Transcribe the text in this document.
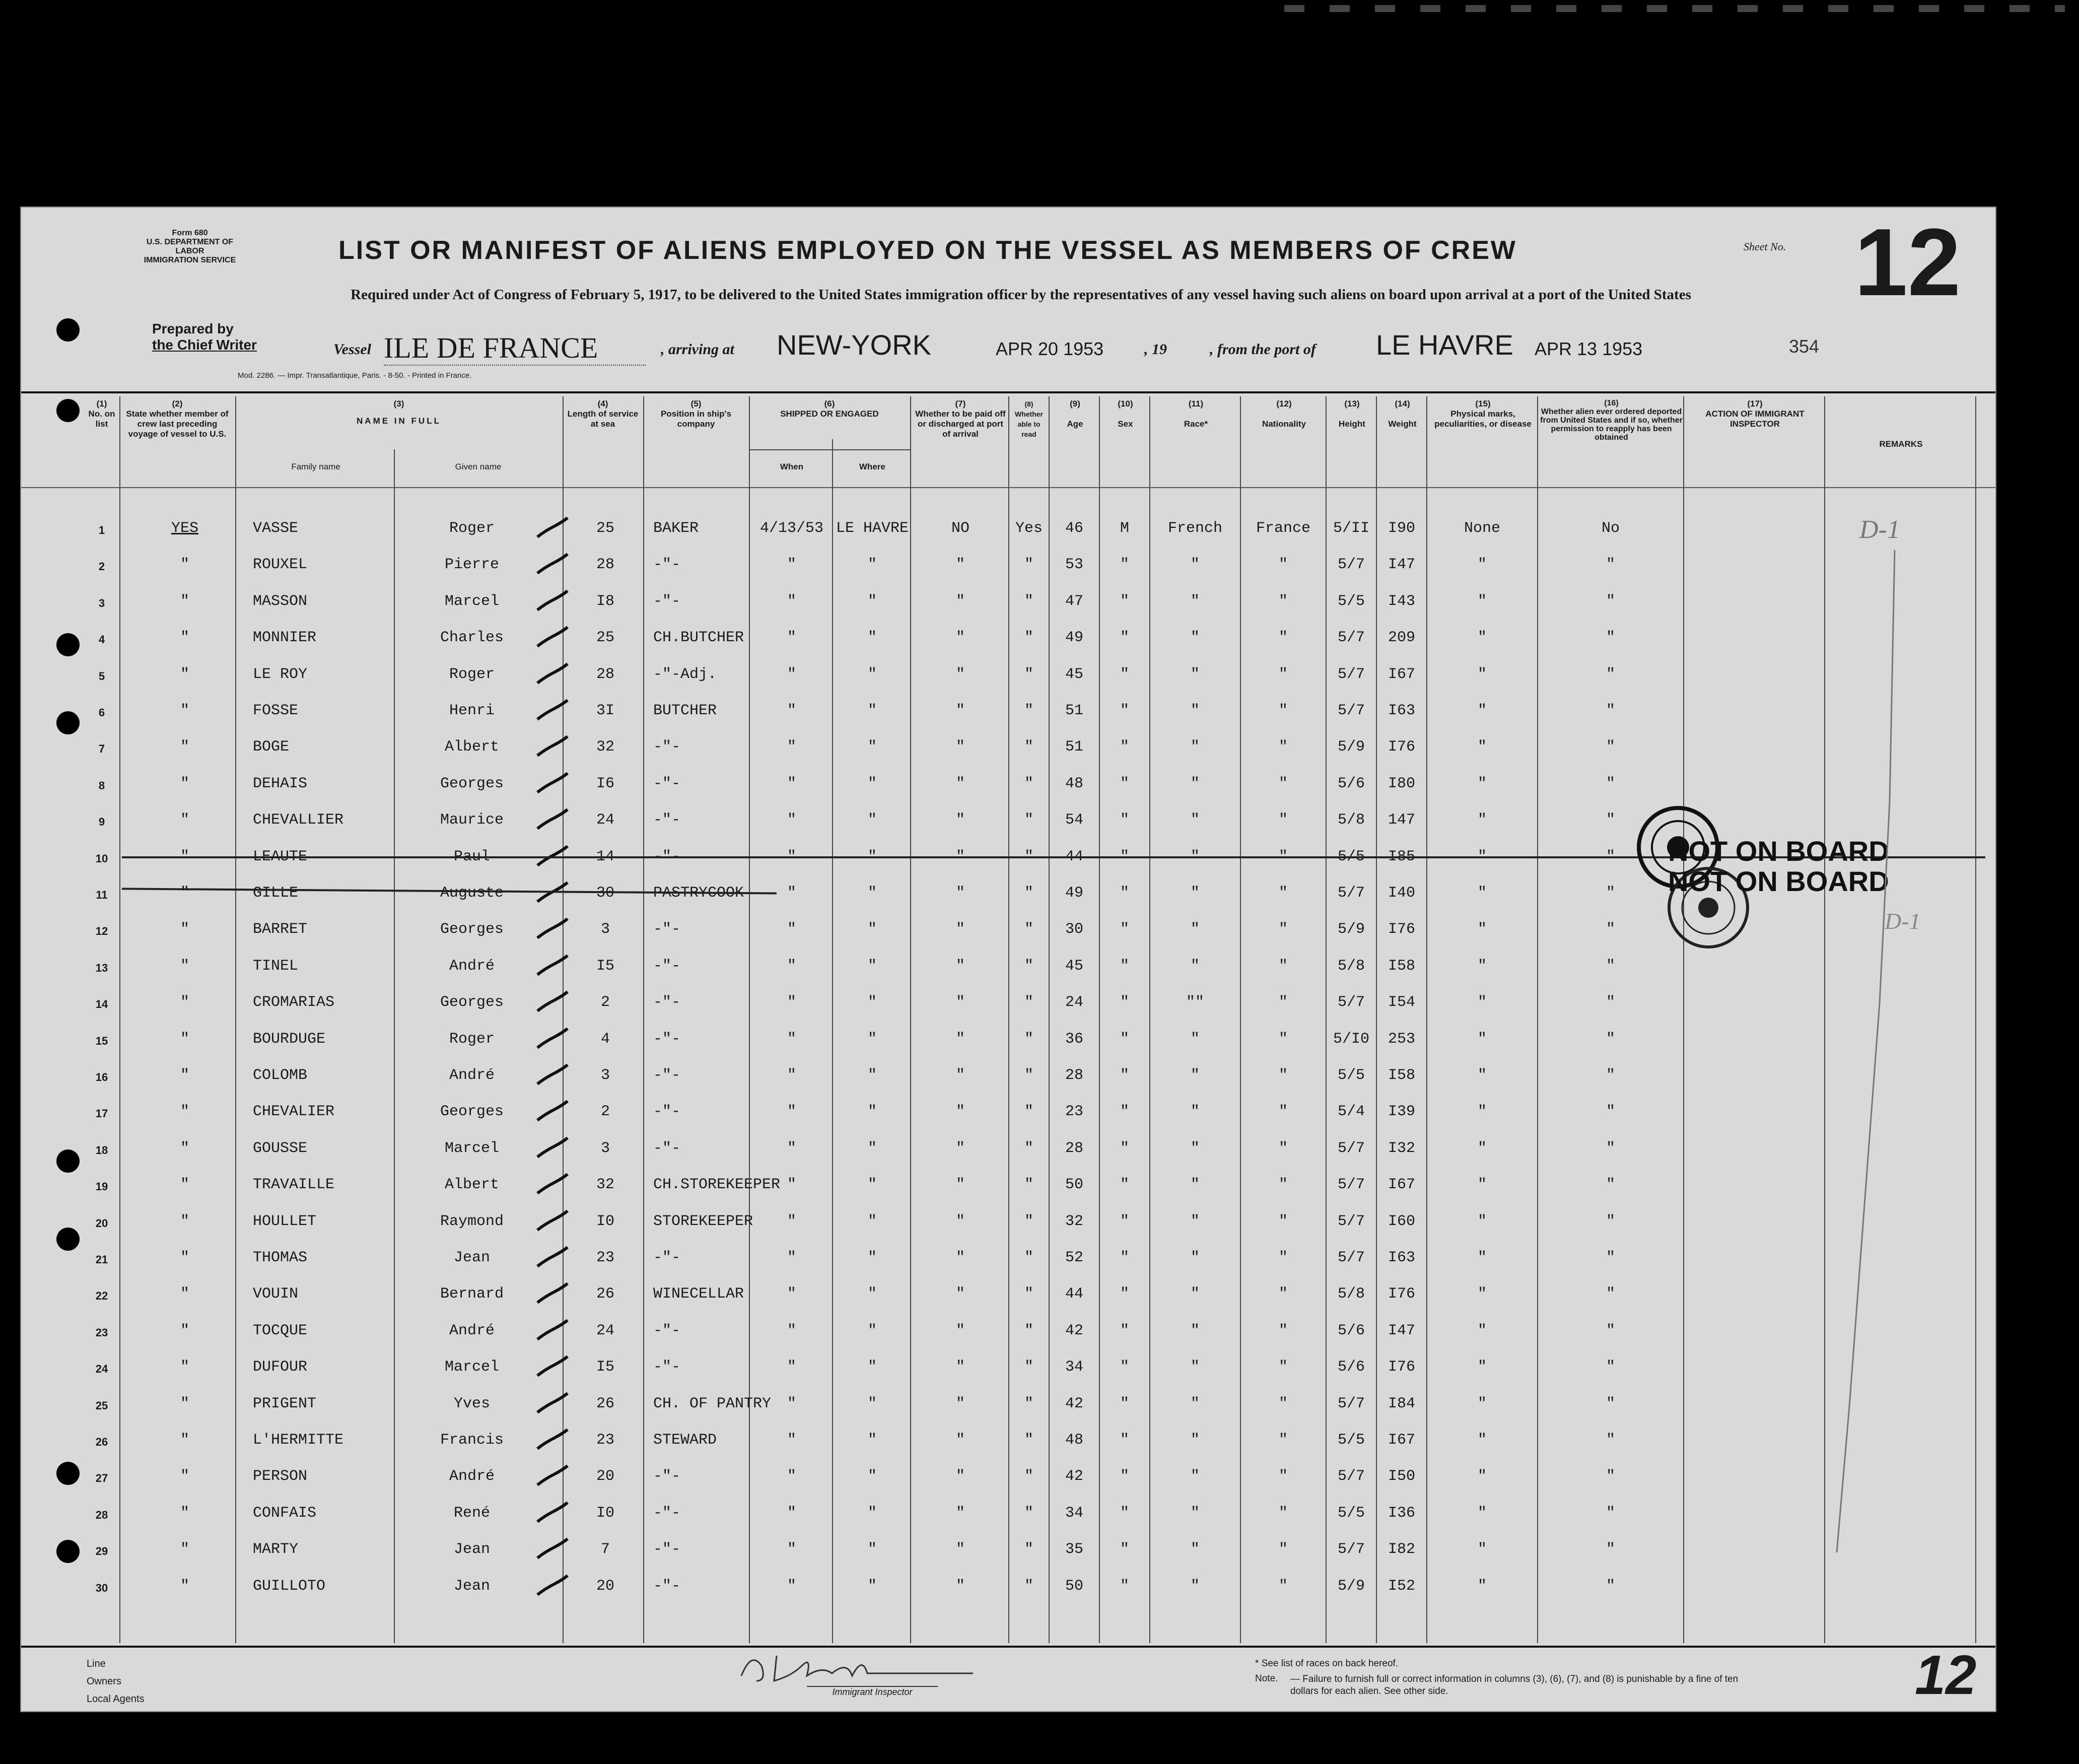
Form 680
U.S. DEPARTMENT OF LABOR
IMMIGRATION SERVICE	LIST OR MANIFEST OF ALIENS EMPLOYED ON THE VESSEL AS MEMBERS OF CREW
Required under Act of Congress of February 5, 1917, to be delivered to the United States immigration officer by the representatives of any vessel having such aliens on board upon arrival at a port of the United States
Sheet No. 12
Prepared by
the Chief Writer	Vessel ILE DE FRANCE	, arriving at NEW-YORK	APR 20 1953	, 19	, from the port of LE HAVRE APR 13 1953	354
Mod. 2286. — Impr. Transatlantique, Paris. - 8-50. - Printed in France.
(1)
No. on list
(2)
State whether member of crew last preceding voyage of vessel to U.S.
(3)
NAME IN FULL
Family name	Given name
(4)
Length of service at sea
(5)
Position in ship's company
(6)
SHIPPED OR ENGAGED
When	Where
(7)
Whether to be paid off or discharged at port of arrival
(8)
Whether able to read
(9)
Age
(10)
Sex
(11)
Race*
(12)
Nationality
(13)
Height
(14)
Weight
(15)
Physical marks, peculiarities, or disease
(16)
Whether alien ever ordered deported from United States and if so, whether permission to reapply has been obtained
(17)
ACTION OF IMMIGRANT INSPECTOR
REMARKS
1	YES	VASSE	Roger	25	BAKER	4/13/53 LE HAVRE	NO	Yes	46	M	French	France	5/II	I90	None	No
2	"	ROUXEL	Pierre	28	-"-	"	"	"	"	53	"	"	"	5/7	I47	"	"
3	"	MASSON	Marcel	I8	-"-	"	"	"	"	47	"	"	"	5/5	I43	"	"
4	"	MONNIER	Charles	25	CH.BUTCHER	"	"	"	"	49	"	"	"	5/7	209	"	"
5	"	LE ROY	Roger	28	-"-Adj.	"	"	"	"	45	"	"	"	5/7	I67	"	"
6	"	FOSSE	Henri	3I	BUTCHER	"	"	"	"	51	"	"	"	5/7	I63	"	"
7	"	BOGE	Albert	32	-"-	"	"	"	"	51	"	"	"	5/9	I76	"	"
8	"	DEHAIS	Georges	I6	-"-	"	"	"	"	48	"	"	"	5/6	I80	"	"
9	"	CHEVALLIER	Maurice	24	-"-	"	"	"	"	54	"	"	"	5/8	147	"	"
10	"	LEAUTE	Paul	14	-"-	"	"	"	"	44	"	"	"	5/5	I85	"	"
11	"	GILLE	Auguste	30	PASTRYCOOK	"	"	"	"	49	"	"	"	5/7	I40	"	"
12	"	BARRET	Georges	3	-"-	"	"	"	"	30	"	"	"	5/9	I76	"	"
13	"	TINEL	André	I5	-"-	"	"	"	"	45	"	"	"	5/8	I58	"	"
14	"	CROMARIAS	Georges	2	-"-	"	"	"	"	24	"	""	"	5/7	I54	"	"
15	"	BOURDUGE	Roger	4	-"-	"	"	"	"	36	"	"	"	5/I0	253	"	"
16	"	COLOMB	André	3	-"-	"	"	"	"	28	"	"	"	5/5	I58	"	"
17	"	CHEVALIER	Georges	2	-"-	"	"	"	"	23	"	"	"	5/4	I39	"	"
18	"	GOUSSE	Marcel	3	-"-	"	"	"	"	28	"	"	"	5/7	I32	"	"
19	"	TRAVAILLE	Albert	32	CH.STOREKEEPER "	"	"	"	50	"	"	"	5/7	I67	"	"
20	"	HOULLET	Raymond	I0	STOREKEEPER	"	"	"	"	32	"	"	"	5/7	I60	"	"
21	"	THOMAS	Jean	23	-"-	"	"	"	"	52	"	"	"	5/7	I63	"	"
22	"	VOUIN	Bernard	26	WINECELLAR	"	"	"	"	44	"	"	"	5/8	I76	"	"
23	"	TOCQUE	André	24	-"-	"	"	"	"	42	"	"	"	5/6	I47	"	"
24	"	DUFOUR	Marcel	I5	-"-	"	"	"	"	34	"	"	"	5/6	I76	"	"
25	"	PRIGENT	Yves	26	CH. OF PANTRY	"	"	"	"	42	"	"	"	5/7	I84	"	"
26	"	L'HERMITTE	Francis	23	STEWARD	"	"	"	"	48	"	"	"	5/5	I67	"	"
27	"	PERSON	André	20	-"-	"	"	"	"	42	"	"	"	5/7	I50	"	"
28	"	CONFAIS	René	I0	-"-	"	"	"	"	34	"	"	"	5/5	I36	"	"
29	"	MARTY	Jean	7	-"-	"	"	"	"	35	"	"	"	5/7	I82	"	"
30	"	GUILLOTO	Jean	20	-"-	"	"	"	"	50	"	"	"	5/9	I52	"	"
NOT ON BOARD
NOT ON BOARD
D-1
D-1
Line
Owners
Local Agents
Immigrant Inspector
* See list of races on back hereof.
Note. — Failure to furnish full or correct information in columns (3), (6), (7), and (8) is punishable by a fine of ten dollars for each alien. See other side.	12
